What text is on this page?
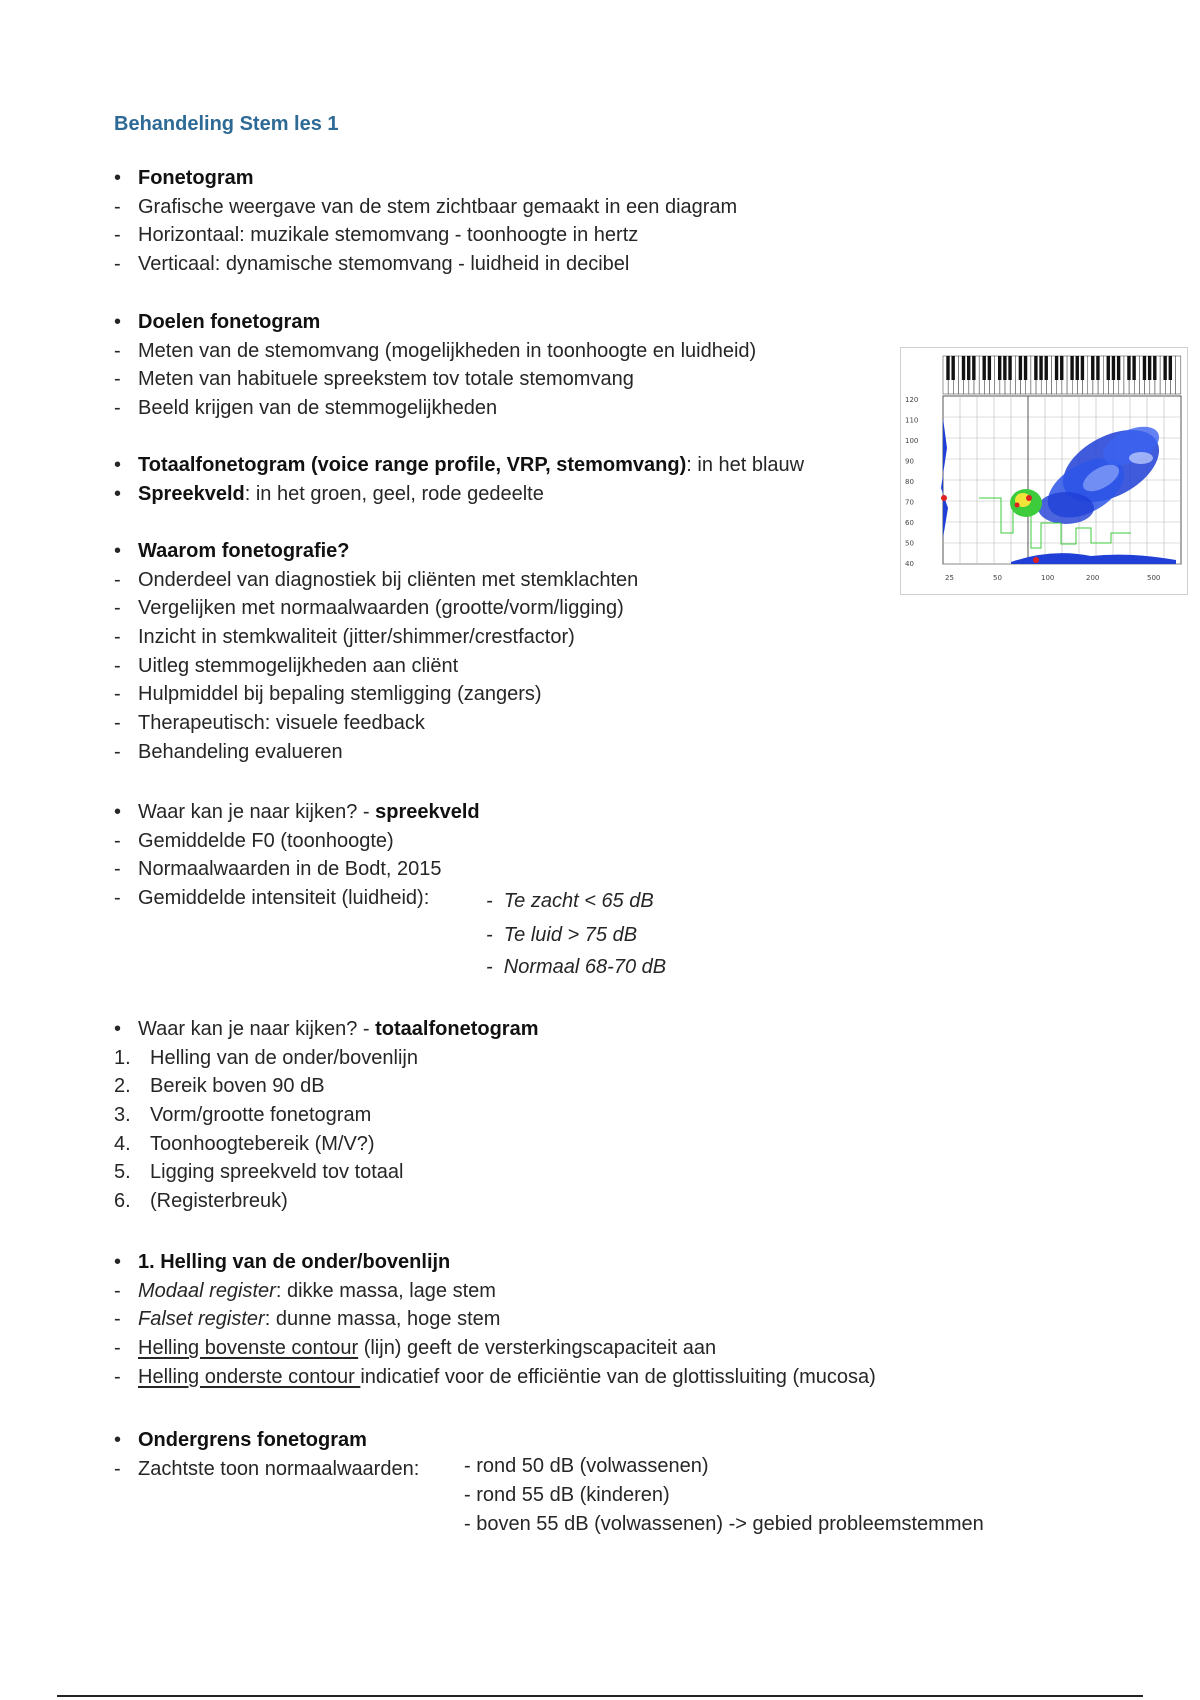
Behandeling Stem les 1
• Fonetogram
- Grafische weergave van de stem zichtbaar gemaakt in een diagram
- Horizontaal: muzikale stemomvang - toonhoogte in hertz
- Verticaal: dynamische stemomvang - luidheid in decibel
• Doelen fonetogram
- Meten van de stemomvang (mogelijkheden in toonhoogte en luidheid)
- Meten van habituele spreekstem tov totale stemomvang
- Beeld krijgen van de stemmogelijkheden
• Totaalfonetogram (voice range profile, VRP, stemomvang): in het blauw
• Spreekveld: in het groen, geel, rode gedeelte
• Waarom fonetografie?
- Onderdeel van diagnostiek bij cliënten met stemklachten
- Vergelijken met normaalwaarden (grootte/vorm/ligging)
- Inzicht in stemkwaliteit (jitter/shimmer/crestfactor)
- Uitleg stemmogelijkheden aan cliënt
- Hulpmiddel bij bepaling stemligging (zangers)
- Therapeutisch: visuele feedback
- Behandeling evalueren
• Waar kan je naar kijken? - spreekveld
- Gemiddelde F0 (toonhoogte)
- Normaalwaarden in de Bodt, 2015
- Gemiddelde intensiteit (luidheid):	-  Te zacht < 65 dB
-  Te luid > 75 dB
-  Normaal 68-70 dB
• Waar kan je naar kijken? - totaalfonetogram
1. Helling van de onder/bovenlijn
2. Bereik boven 90 dB
3. Vorm/grootte fonetogram
4. Toonhoogtebereik (M/V?)
5. Ligging spreekveld tov totaal
6. (Registerbreuk)
• 1. Helling van de onder/bovenlijn
- Modaal register: dikke massa, lage stem
- Falset register: dunne massa, hoge stem
- Helling bovenste contour (lijn) geeft de versterkingscapaciteit aan
- Helling onderste contour indicatief voor de efficiëntie van de glottissluiting (mucosa)
• Ondergrens fonetogram
- Zachtste toon normaalwaarden: - rond 50 dB (volwassenen)
- rond 55 dB (kinderen)
- boven 55 dB (volwassenen) -> gebied probleemstemmen
120
110
100
90
80
70
60
50
40
25	50	100	200	500
